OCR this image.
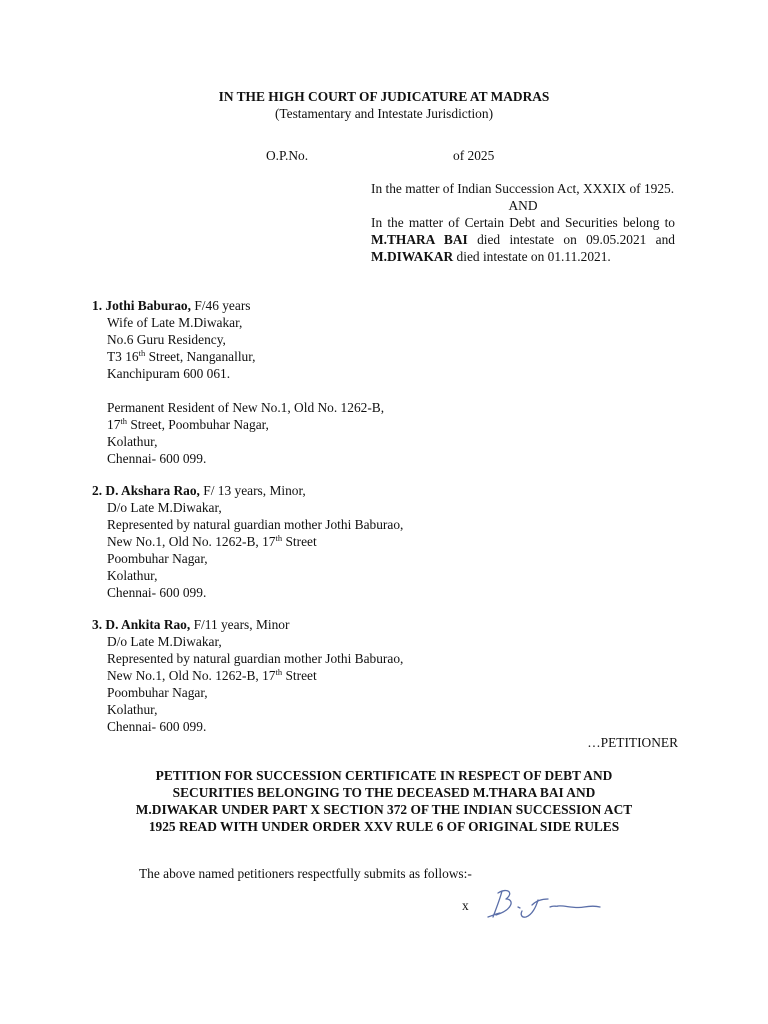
IN THE HIGH COURT OF JUDICATURE AT MADRAS
(Testamentary and Intestate Jurisdiction)
O.P.No.	of 2025

In the matter of Indian Succession Act, XXXIX of 1925.

AND

In the matter of Certain Debt and Securities belong to M.THARA BAI died intestate on 09.05.2021 and M.DIWAKAR died intestate on 01.11.2021.

1. Jothi Baburao, F/46 years
Wife of Late M.Diwakar,
No.6 Guru Residency,
T3 16th Street, Nanganallur,
Kanchipuram 600 061.
Permanent Resident of New No.1, Old No. 1262-B,
17th Street, Poombuhar Nagar,
Kolathur,
Chennai- 600 099.
2. D. Akshara Rao, F/ 13 years, Minor,
D/o Late M.Diwakar,
Represented by natural guardian mother Jothi Baburao,
New No.1, Old No. 1262-B, 17th Street
Poombuhar Nagar,
Kolathur,
Chennai- 600 099.
3. D. Ankita Rao, F/11 years, Minor
D/o Late M.Diwakar,
Represented by natural guardian mother Jothi Baburao,
New No.1, Old No. 1262-B, 17th Street
Poombuhar Nagar,
Kolathur,
Chennai- 600 099.
…PETITIONER
PETITION FOR SUCCESSION CERTIFICATE IN RESPECT OF DEBT AND
SECURITIES BELONGING TO THE DECEASED M.THARA BAI AND
M.DIWAKAR UNDER PART X SECTION 372 OF THE INDIAN SUCCESSION ACT
1925 READ WITH UNDER ORDER XXV RULE 6 OF ORIGINAL SIDE RULES
The above named petitioners respectfully submits as follows:-
x
